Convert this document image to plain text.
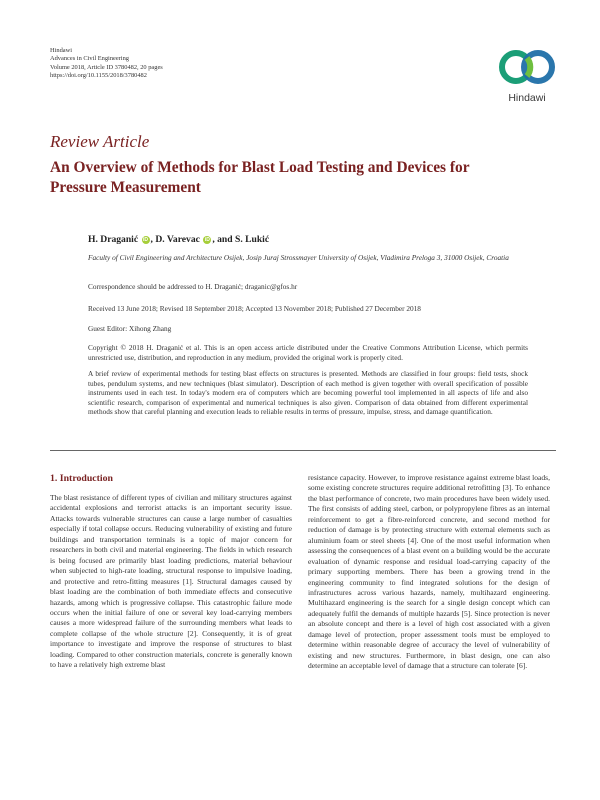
Hindawi
Advances in Civil Engineering
Volume 2018, Article ID 3780482, 20 pages
https://doi.org/10.1155/2018/3780482
Hindawi
Review Article
An Overview of Methods for Blast Load Testing and Devices for Pressure Measurement
H. Draganić iD , D. Varevac iD , and S. Lukić
Faculty of Civil Engineering and Architecture Osijek, Josip Juraj Strossmayer University of Osijek, Vladimira Preloga 3, 31000 Osijek, Croatia
Correspondence should be addressed to H. Draganić; draganic@gfos.hr
Received 13 June 2018; Revised 18 September 2018; Accepted 13 November 2018; Published 27 December 2018
Guest Editor: Xihong Zhang
Copyright © 2018 H. Draganić et al. This is an open access article distributed under the Creative Commons Attribution License, which permits unrestricted use, distribution, and reproduction in any medium, provided the original work is properly cited.
A brief review of experimental methods for testing blast effects on structures is presented. Methods are classified in four groups: field tests, shock tubes, pendulum systems, and new techniques (blast simulator). Description of each method is given together with overall specification of possible instruments used in each test. In today's modern era of computers which are becoming powerful tool implemented in all aspects of life and also scientific research, comparison of experimental and numerical techniques is also given. Comparison of data obtained from different experimental methods show that careful planning and execution leads to reliable results in terms of pressure, impulse, stress, and damage quantification.
1. Introduction

The blast resistance of different types of civilian and military structures against accidental explosions and terrorist attacks is an important security issue. Attacks towards vulnerable structures can cause a large number of casualties especially if total collapse occurs. Reducing vulnerability of existing and future buildings and transportation terminals is a topic of major concern for researchers in both civil and material engineering. The fields in which research is being focused are primarily blast loading predictions, material behaviour when subjected to high-rate loading, structural response to impulsive loading, and protective and retro-fitting measures [1]. Structural damages caused by blast loading are the combination of both immediate effects and consecutive hazards, among which is progressive collapse. This catastrophic failure mode occurs when the initial failure of one or several key load-carrying members causes a more widespread failure of the surrounding members what leads to complete collapse of the whole structure [2]. Consequently, it is of great importance to investigate and improve the response of structures to blast loading. Compared to other construction materials, concrete is generally known to have a relatively high extreme blast

resistance capacity. However, to improve resistance against extreme blast loads, some existing concrete structures require additional retrofitting [3]. To enhance the blast performance of concrete, two main procedures have been widely used. The first consists of adding steel, carbon, or polypropylene fibres as an internal reinforcement to get a fibre-reinforced concrete, and second method for reduction of damage is by protecting structure with external elements such as aluminium foam or steel sheets [4]. One of the most useful information when assessing the consequences of a blast event on a building would be the accurate evaluation of dynamic response and residual load-carrying capacity of the primary supporting members. There has been a growing trend in the engineering community to find integrated solutions for the design of infrastructures across various hazards, namely, multihazard engineering. Multihazard engineering is the search for a single design concept which can adequately fulfil the demands of multiple hazards [5]. Since protection is never an absolute concept and there is a level of high cost associated with a given damage level of protection, proper assessment tools must be employed to determine within reasonable degree of accuracy the level of vulnerability of existing and new structures. Furthermore, in blast design, one can also determine an acceptable level of damage that a structure can tolerate [6].
